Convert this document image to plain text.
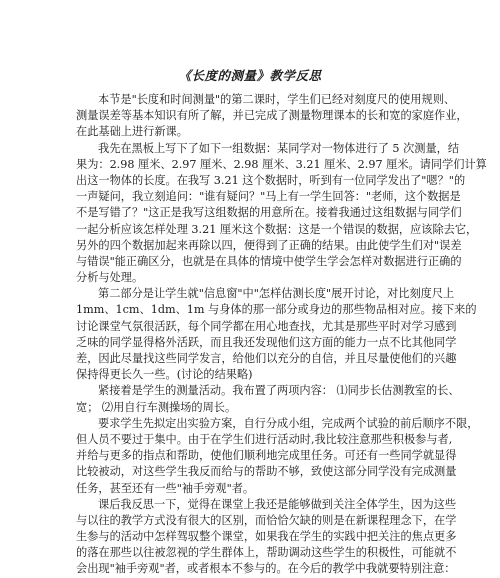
《长度的测量》教学反思

本节是"长度和时间测量"的第二课时，学生们已经对刻度尺的使用规则、

测量误差等基本知识有所了解，并已完成了测量物理课本的长和宽的家庭作业，

在此基础上进行新课。

我先在黑板上写下了如下一组数据：某同学对一物体进行了 5 次测量，结

果为：2.98 厘米、2.97 厘米、2.98 厘米、3.21 厘米、2.97 厘米。请同学们计算

出这一物体的长度。在我写 3.21 这个数据时，听到有一位同学发出了"嗯？"的

一声疑问，我立刻追问："谁有疑问？"马上有一学生回答："老师，这个数据是

不是写错了？"这正是我写这组数据的用意所在。接着我通过这组数据与同学们

一起分析应该怎样处理 3.21 厘米这个数据：这是一个错误的数据，应该除去它，

另外的四个数据加起来再除以四，便得到了正确的结果。由此使学生们对"误差

与错误"能正确区分，也就是在具体的情境中使学生学会怎样对数据进行正确的

分析与处理。

第二部分是让学生就"信息窗"中"怎样估测长度"展开讨论，对比刻度尺上

1mm、1cm、1dm、1m 与身体的那一部分或身边的那些物品相对应。接下来的

讨论课堂气氛很活跃，每个同学都在用心地查找，尤其是那些平时对学习感到

乏味的同学显得格外活跃，而且我还发现他们这方面的能力一点不比其他同学

差，因此尽量找这些同学发言，给他们以充分的自信，并且尽量使他们的兴趣

保持得更长久一些。(讨论的结果略)

紧接着是学生的测量活动。我布置了两项内容： ⑴同步长估测教室的长、

宽； ⑵用自行车测操场的周长。

要求学生先拟定出实验方案，自行分成小组，完成两个试验的前后顺序不限，

但人员不要过于集中。由于在学生们进行活动时,我比较注意那些积极参与者,

并给与更多的指点和帮助，使他们顺利地完成里任务。可还有一些同学就显得

比较被动，对这些学生我反而给与的帮助不够，致使这部分同学没有完成测量

任务，甚至还有一些"袖手旁观"者。

课后我反思一下，觉得在课堂上我还是能够做到关注全体学生，因为这些

与以往的教学方式没有很大的区别，而恰恰欠缺的则是在新课程理念下，在学

生参与的活动中怎样驾驭整个课堂，如果我在学生的实践中把关注的焦点更多

的落在那些以往被忽视的学生群体上，帮助调动这些学生的积极性，可能就不

会出现"袖手旁观"者，或者根本不参与的。在今后的教学中我就要特别注意：
